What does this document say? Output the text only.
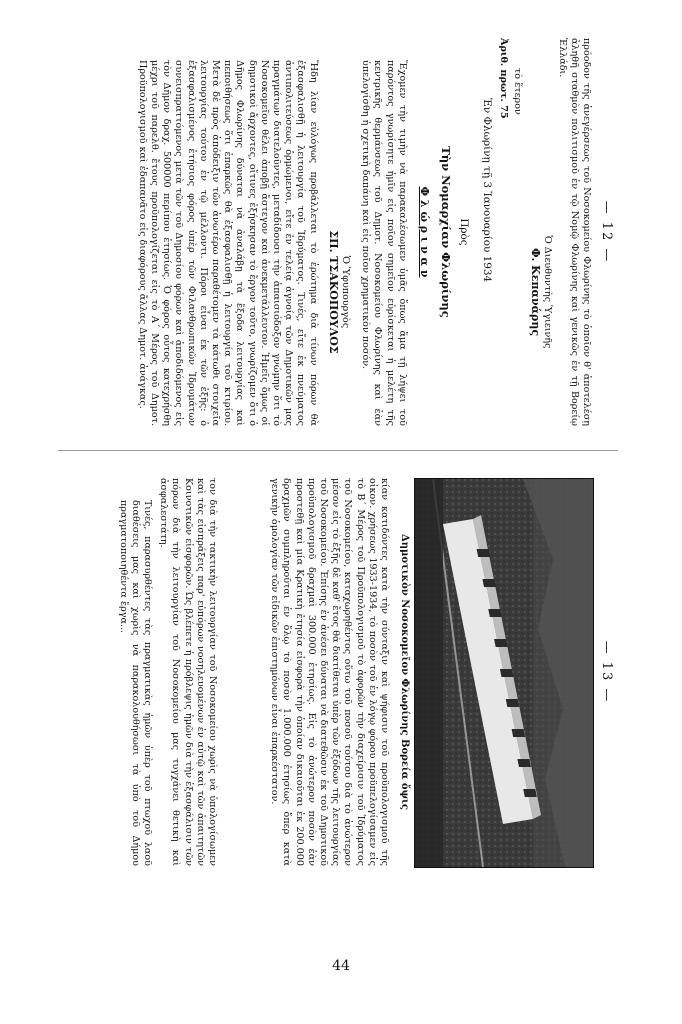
— 12 —

πρόοδον τῆς ἀνεγέρσεως τοῦ Νοσοκομείου Φλωρίνης τὸ ὁποῖον θ' ἀποτελέσῃ ἀληθῆ σταθμὸν πολιτισμοῦ ἐν τῷ Νομῷ Φλωρίνης καὶ γενικῶς ἐν τῇ Βορείῳ Ἑλλάδι.

Ὁ Διευθυντὴς Ὑγιεινῆς

Φ. Κεπανάρης

τὸ ἕτερον

Ἀριθ. πρωτ. 75

Ἐν Φλωρίνῃ τῇ 3 Ἰανουαρίου 1934

Πρὸς

Τὴν Νομαρχίαν Φλωρίνης

Φ λ ώ ρ ι ν α ν

Ἔχομεν τὴν τιμὴν νὰ παρακαλέσωμεν ὑμᾶς ὅπως ἅμα τῇ λήψει τοῦ παρόντος γνωρίσητε ἡμῖν εἰς ποῖον σημεῖον εὑρίσκεται ἡ μελέτη τῆς κεντρικῆς θερμάνσεως τοῦ Δημοτ. Νοσοκομείου Φλωρίνης καὶ ἐὰν ὑπελογίσθη ἡ σχετικὴ δαπάνη καὶ εἰς ποῖον χρηματικὸν ποσόν.

Ὁ Ὑφυπουργὸς

ΣΠ. ΤΣΑΚΟΠΟΥΛΟΣ

Ἤδη λίαν εὐλόγως προβάλλεται τὸ ἐρώτημα διὰ τίνων πόρων θὰ ἐξασφαλισθῇ ἡ λειτουργία τοῦ Ἱδρύματος. Τινές, εἴτε ἐκ πνεύματος ἀντιπολιτεύσεως ὁρμώμενοι, εἴτε ἐν τελείᾳ ἀγνοίᾳ τῶν Δημοτικῶν μας πραγμάτων διατελοῦντες, μεταδίδουσι τὴν ἀπαισιόδοξον γνώμην ὅτι τὸ Νοσοκομεῖον θέλει ἀποβῇ ἄστεγον καὶ ἀνεκμετάλλευτον. Ἡμεῖς ὅμως οἱ δημοτικοὶ ἄρχοντες, οἵτινες ἐξήσκησαν τὸ ἔργον τοῦτο, γνωρίζομεν ὅτι ὁ Δῆμος Φλωρίνης δύναται νὰ ἀναλάβῃ τὰ ἔξοδα λειτουργίας καὶ πεποιθήσεως ὅτι ἐπαρκῶς θὰ ἐξασφαλισθῇ ἡ λειτουργία τοῦ κτιρίου. Μετὰ δὲ πρὸς ἀπόδειξιν τῶν ἀνωτέρω παραθέτομεν τὰ κάτωθι στοιχεῖα λειτουργίας τούτου ἐν τῷ μέλλοντι. Πόροι εἶναι ἐκ τῶν ἑξῆς: ὁ ἐξασφαλισμένος ἐτήσιος φόρος ὑπὲρ τῶν Φιλανθρωπικῶν Ἱδρυμάτων συνεισπραττόμενος μετὰ τῶν τοῦ Δημοσίου φόρων καὶ ἀποδιδόμενος εἰς τὸν Δῆμον δραχ. 500000 περίπου ἐτησίως. Ὁ φόρος οὗτος κατεχρήσθη μέχρι τοῦ παρελθ. ἔτους προϋπολογίζεται εἰς τὸ Α΄ Μέρος τοῦ Δημοτ. Προϋπολογισμοῦ καὶ ἐδαπανᾶτο εἰς διαφόρους ἄλλας Δημοτ. ἀνάγκας.

— 13 —
Δημοτικὸν Νοσοκομεῖον Φλωρίνης Βορεία ὄψις

κίαν κατιδόντες κατὰ τὴν σύνταξιν καὶ ψήφισιν τοῦ προϋπολογισμοῦ τῆς οἰκον. χρήσεως 1933-1934, τὸ ποσὸν τοῦ ἐν λόγῳ φόρου προϋπελογίσαμεν εἰς τὸ Β΄ Μέρος τοῦ Προϋπολογισμοῦ τὸ ἀφορῶν τὴν διαχείρισιν τοῦ Ἱδρύματος τοῦ Νοσοκομείου, καταχωρηθέντος οὕτω τοῦ ποσοῦ τούτου διὰ τὸ ἀνώτερον μέσον εἰς τὸ ἑξῆς δὲ καθ' ἔτος θὰ διατίθεται ὑπὲρ τῶν ἐξόδων τῆς λειτουργίας τοῦ Νοσοκομείου. Ἐπίσης ἐν ἀνέσει δύναται νὰ διατεθῶσιν ἐκ τοῦ Δημοτικοῦ προϋπολογισμοῦ δραχμαὶ 300.000 ἐτησίως. Εἰς τὸ ἀνώτερον ποσὸν ἐὰν προστεθῇ καὶ μία Κρατικὴ ἐτησία εἰσφορὰ τὴν ὁποίαν δικαιοῦται ἐκ 200.000 δραχμῶν συμπληροῦται ἐν ὅλῳ τὸ ποσὸν 1.000.000 ἐτησίως ὅπερ κατὰ γενικὴν ὁμολογίαν τῶν εἰδικῶν ἐπιστημόνων εἶναι ἐπαρκέστατον.

τον διὰ τὴν τακτικὴν λειτουργίαν τοῦ Νοσοκομείου χωρὶς νὰ ὑπολογίσωμεν καὶ τὰς εἰσπράξεις παρ' εὐπόρων νοσηλευομένων ἐν αὐτῷ καὶ τῶν ἀπαιτητῶν Κοινοτικῶν εἰσφορῶν. Ὡς βλέπετε ἡ πρόβλεψις ἡμῶν διὰ τὴν ἐξασφάλισιν τῶν πόρων διὰ τὴν λειτουργίαν τοῦ Νοσοκομείου μας τυγχάνει θετικὴ καὶ ἀσφαλεστάτη.

Τινές, παρασυρθέντες τὰς πραγματικὰς ἡμῶν ὑπὲρ τοῦ πτωχοῦ λαοῦ διαθέσεις μας καὶ χωρὶς νὰ παρακολουθήσωσι τὰ ὑπὸ τοῦ Δήμου πραγματοποιηθέντα ἔργα...

44
